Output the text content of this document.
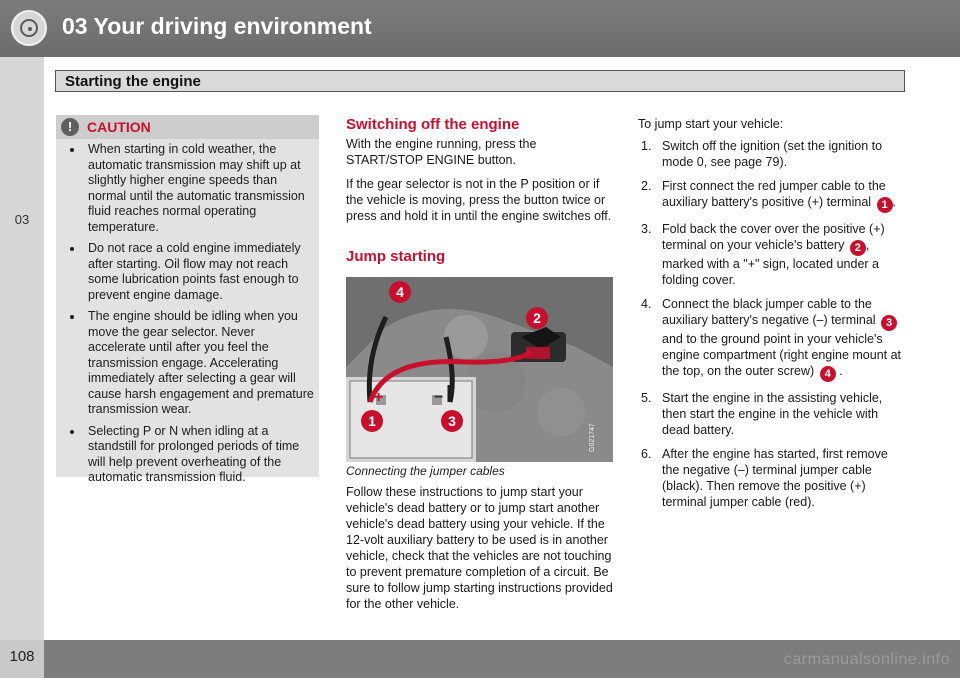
03 Your driving environment
Starting the engine
03
!	CAUTION
When starting in cold weather, the automatic transmission may shift up at slightly higher engine speeds than normal until the automatic transmission fluid reaches normal operating temperature.
Do not race a cold engine immediately after starting. Oil flow may not reach some lubrication points fast enough to prevent engine damage.
The engine should be idling when you move the gear selector. Never accelerate until after you feel the transmission engage. Accelerating immediately after selecting a gear will cause harsh engagement and premature transmission wear.
Selecting P or N when idling at a standstill for prolonged periods of time will help prevent overheating of the automatic transmission fluid.
Switching off the engine

With the engine running, press the START/STOP ENGINE button.

If the gear selector is not in the P position or if the vehicle is moving, press the button twice or press and hold it in until the engine switches off.

Jump starting
+	−
1
2
3
4
G021747
Connecting the jumper cables

Follow these instructions to jump start your vehicle's dead battery or to jump start another vehicle's dead battery using your vehicle. If the 12-volt auxiliary battery to be used is in another vehicle, check that the vehicles are not touching to prevent premature completion of a circuit. Be sure to follow jump starting instructions provided for the other vehicle.

To jump start your vehicle:

1. Switch off the ignition (set the ignition to mode 0, see page 79).
2. First connect the red jumper cable to the auxiliary battery's positive (+) terminal 1 .
3. Fold back the cover over the positive (+) terminal on your vehicle's battery 2 , marked with a "+" sign, located under a folding cover.
4. Connect the black jumper cable to the auxiliary battery's negative (–) terminal 3 and to the ground point in your vehicle's engine compartment (right engine mount at the top, on the outer screw) 4 .
5. Start the engine in the assisting vehicle, then start the engine in the vehicle with dead battery.
6. After the engine has started, first remove the negative (–) terminal jumper cable (black). Then remove the positive (+) terminal jumper cable (red).
108	carmanualsonline.info
